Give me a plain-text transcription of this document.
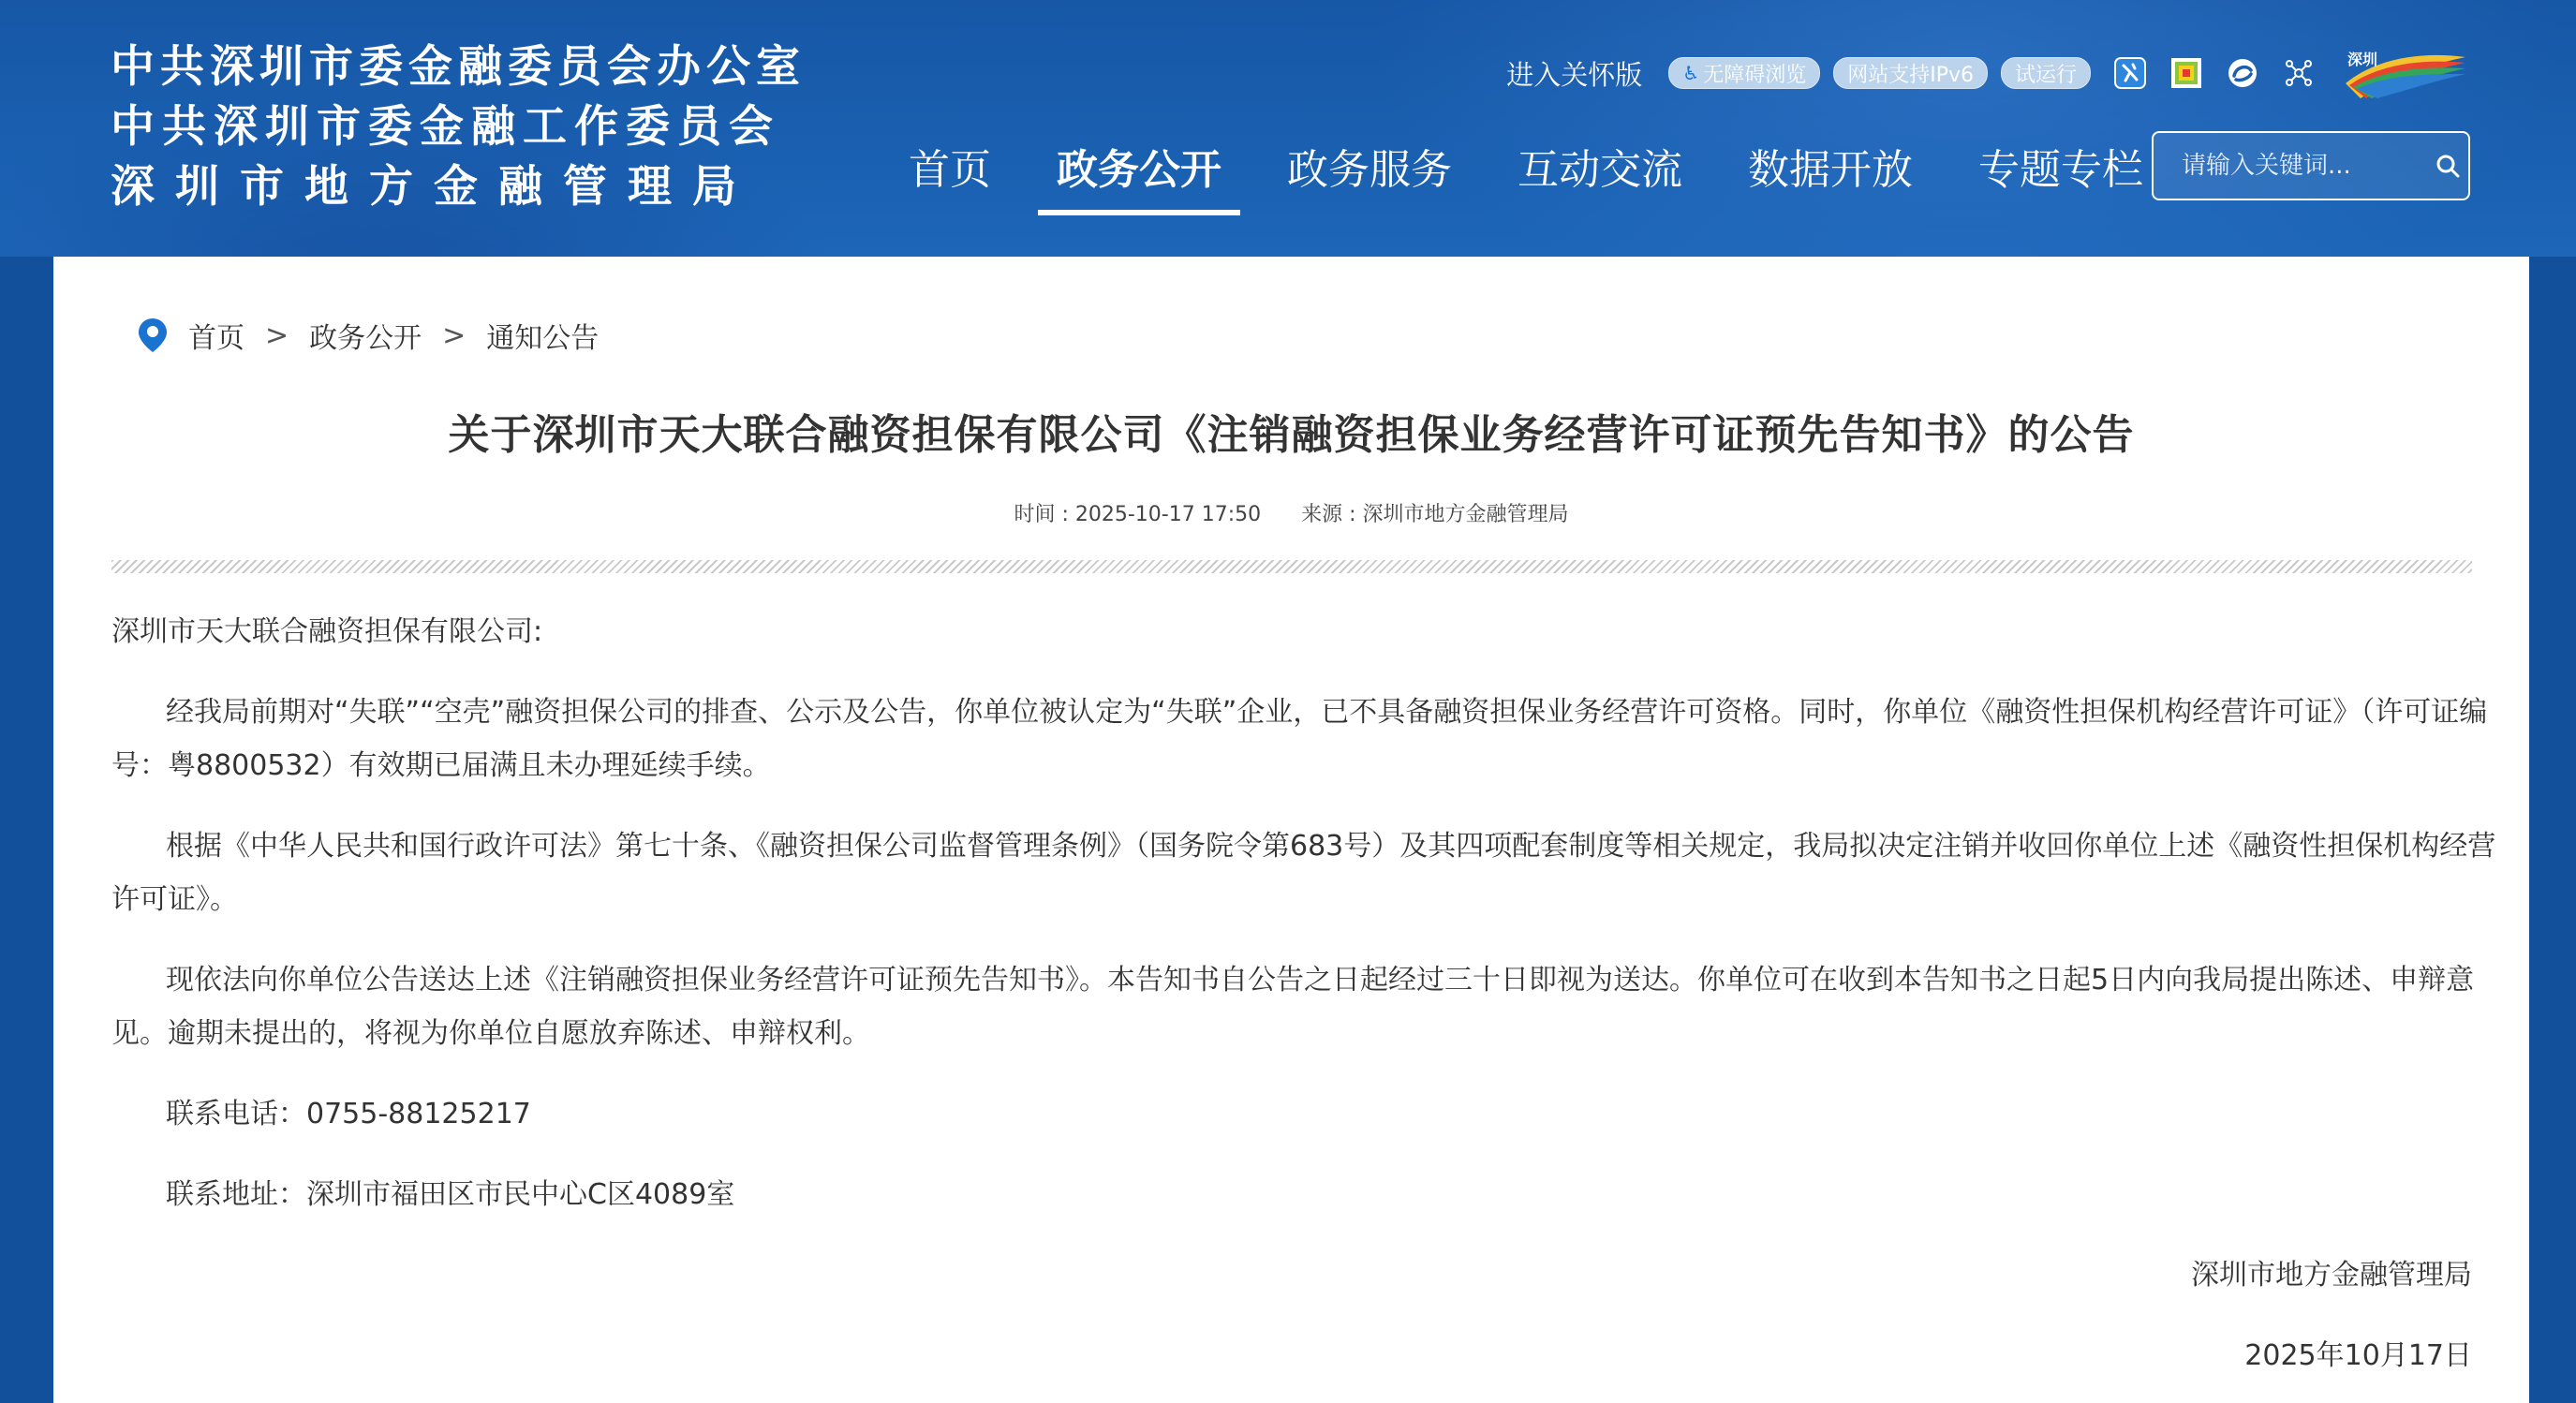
中共深圳市委金融委员会办公室
中共深圳市委金融工作委员会
深圳市地方金融管理局
进入关怀版 ♿ 无障碍浏览 网站支持IPv6 试运行
深圳
首页	政务公开	政务服务	互动交流	数据开放	专题专栏
请输入关键词...
首页 > 政务公开 > 通知公告
关于深圳市天大联合融资担保有限公司《注销融资担保业务经营许可证预先告知书》的公告
时间 : 2025-10-17 17:50 来源 : 深圳市地方金融管理局

深圳市天大联合融资担保有限公司:

经我局前期对“失联”“空壳”融资担保公司的排查、公示及公告，你单位被认定为“失联”企业，已不具备融资担保业务经营许可资格。同时，你单位《融资性担保机构经营许可证》（许可证编号：粤8800532）有效期已届满且未办理延续手续。

根据《中华人民共和国行政许可法》第七十条、《融资担保公司监督管理条例》（国务院令第683号）及其四项配套制度等相关规定，我局拟决定注销并收回你单位上述《融资性担保机构经营许可证》。

现依法向你单位公告送达上述《注销融资担保业务经营许可证预先告知书》。本告知书自公告之日起经过三十日即视为送达。你单位可在收到本告知书之日起5日内向我局提出陈述、申辩意见。逾期未提出的，将视为你单位自愿放弃陈述、申辩权利。

联系电话：0755-88125217

联系地址：深圳市福田区市民中心C区4089室

深圳市地方金融管理局

2025年10月17日
